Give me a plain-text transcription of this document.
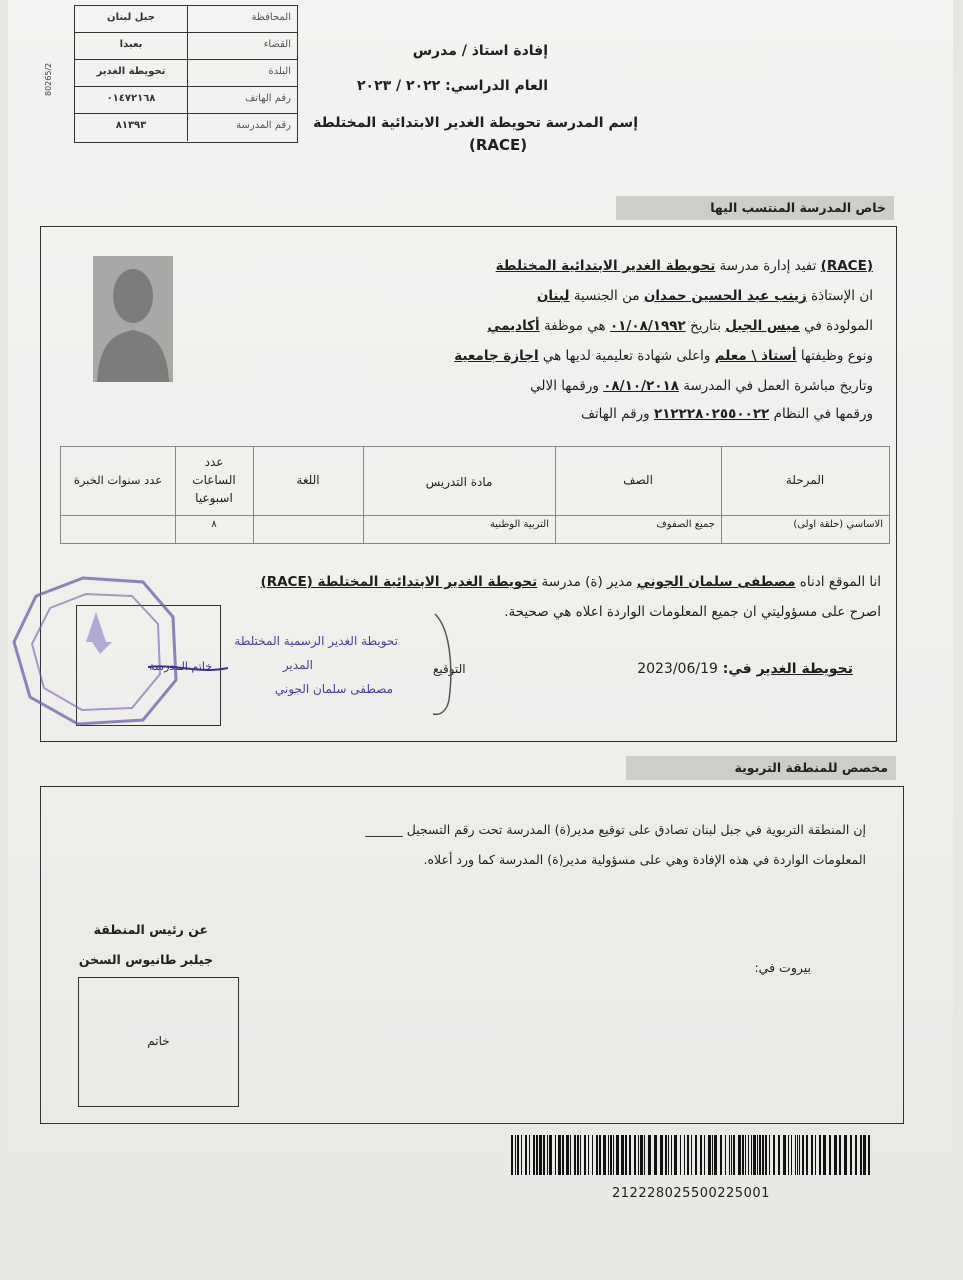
المحافظة
جبل لبنان
القضاء
بعبدا
البلدة
تحويطة الغدير
رقم الهاتف
٠١٤٧٢١٦٨
رقم المدرسة
٨١٣٩٣
80265/2
إفادة استاذ / مدرس
العام الدراسي: ٢٠٢٢ / ٢٠٢٣
إسم المدرسة تحويطة الغدير الابتدائية المختلطة
(RACE)
خاص المدرسة المنتسب اليها
(RACE) تفيد إدارة مدرسة تحويطة الغدير الابتدائية المختلطة
ان الإستاذة زينب عبد الحسين حمدان من الجنسية لبنان
المولودة في ميس الجبل بتاريخ ٠١/٠٨/١٩٩٢ هي موظفة أكاديمي
ونوع وظيفتها أستاذ \ معلم واعلى شهادة تعليمية لديها هي اجازة جامعية
وتاريخ مباشرة العمل في المدرسة ٠٨/١٠/٢٠١٨ ورقمها الالي
ورقمها في النظام ٢١٢٢٢٨٠٢٥٥٠٠٢٢ ورقم الهاتف
المرحلة
الصف
مادة التدريس
اللغة
عدد
الساعات
اسبوعيا
عدد سنوات الخبرة
الاساسي (حلقة اولى)
جميع الصفوف
التربية الوطنية
٨
انا الموقع ادناه مصطفى سلمان الجوني مدير (ة) مدرسة تحويطة الغدير الابتدائية المختلطة (RACE)
اصرح على مسؤوليتي ان جميع المعلومات الواردة اعلاه هي صحيحة.
تحويطة الغدير في: 2023/06/19
التوقيع
خاتم المدرسة
تحويطة الغدير الرسمية المختلطة
المدير
مصطفى سلمان الجوني
مخصص للمنطقة التربوية
إن المنطقة التربوية في جبل لبنان تصادق على توقيع مدير(ة) المدرسة تحت رقم التسجيل ______
المعلومات الواردة في هذه الإفادة وهي على مسؤولية مدير(ة) المدرسة كما ورد أعلاه.
بيروت في:
عن رئيس المنطقة
جيلبر طانيوس السخن
خاتم
212228025500225001
